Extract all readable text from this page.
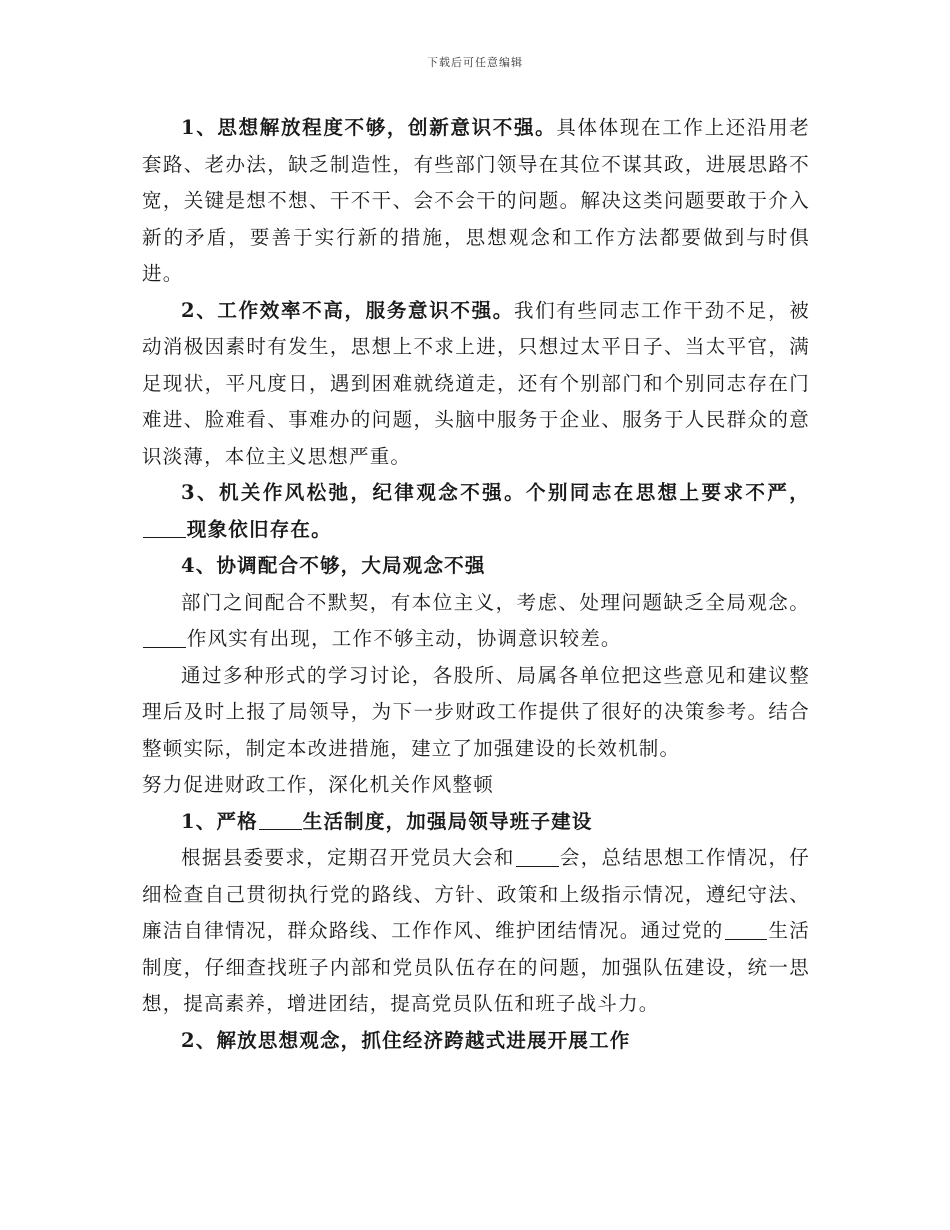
下载后可任意编辑

1、思想解放程度不够，创新意识不强。具体体现在工作上还沿用老套路、老办法，缺乏制造性，有些部门领导在其位不谋其政，进展思路不宽，关键是想不想、干不干、会不会干的问题。解决这类问题要敢于介入新的矛盾，要善于实行新的措施，思想观念和工作方法都要做到与时俱进。

2、工作效率不高，服务意识不强。我们有些同志工作干劲不足，被动消极因素时有发生，思想上不求上进，只想过太平日子、当太平官，满足现状，平凡度日，遇到困难就绕道走，还有个别部门和个别同志存在门难进、脸难看、事难办的问题，头脑中服务于企业、服务于人民群众的意识淡薄，本位主义思想严重。

3、机关作风松弛，纪律观念不强。个别同志在思想上要求不严，现象依旧存在。

4、协调配合不够，大局观念不强

部门之间配合不默契，有本位主义，考虑、处理问题缺乏全局观念。作风实有出现，工作不够主动，协调意识较差。

通过多种形式的学习讨论，各股所、局属各单位把这些意见和建议整理后及时上报了局领导，为下一步财政工作提供了很好的决策参考。结合整顿实际，制定本改进措施，建立了加强建设的长效机制。

努力促进财政工作，深化机关作风整顿

1、严格 生活制度，加强局领导班子建设

根据县委要求，定期召开党员大会和 会，总结思想工作情况，仔细检查自己贯彻执行党的路线、方针、政策和上级指示情况，遵纪守法、廉洁自律情况，群众路线、工作作风、维护团结情况。通过党的 生活制度，仔细查找班子内部和党员队伍存在的问题，加强队伍建设，统一思想，提高素养，增进团结，提高党员队伍和班子战斗力。

2、解放思想观念，抓住经济跨越式进展开展工作
